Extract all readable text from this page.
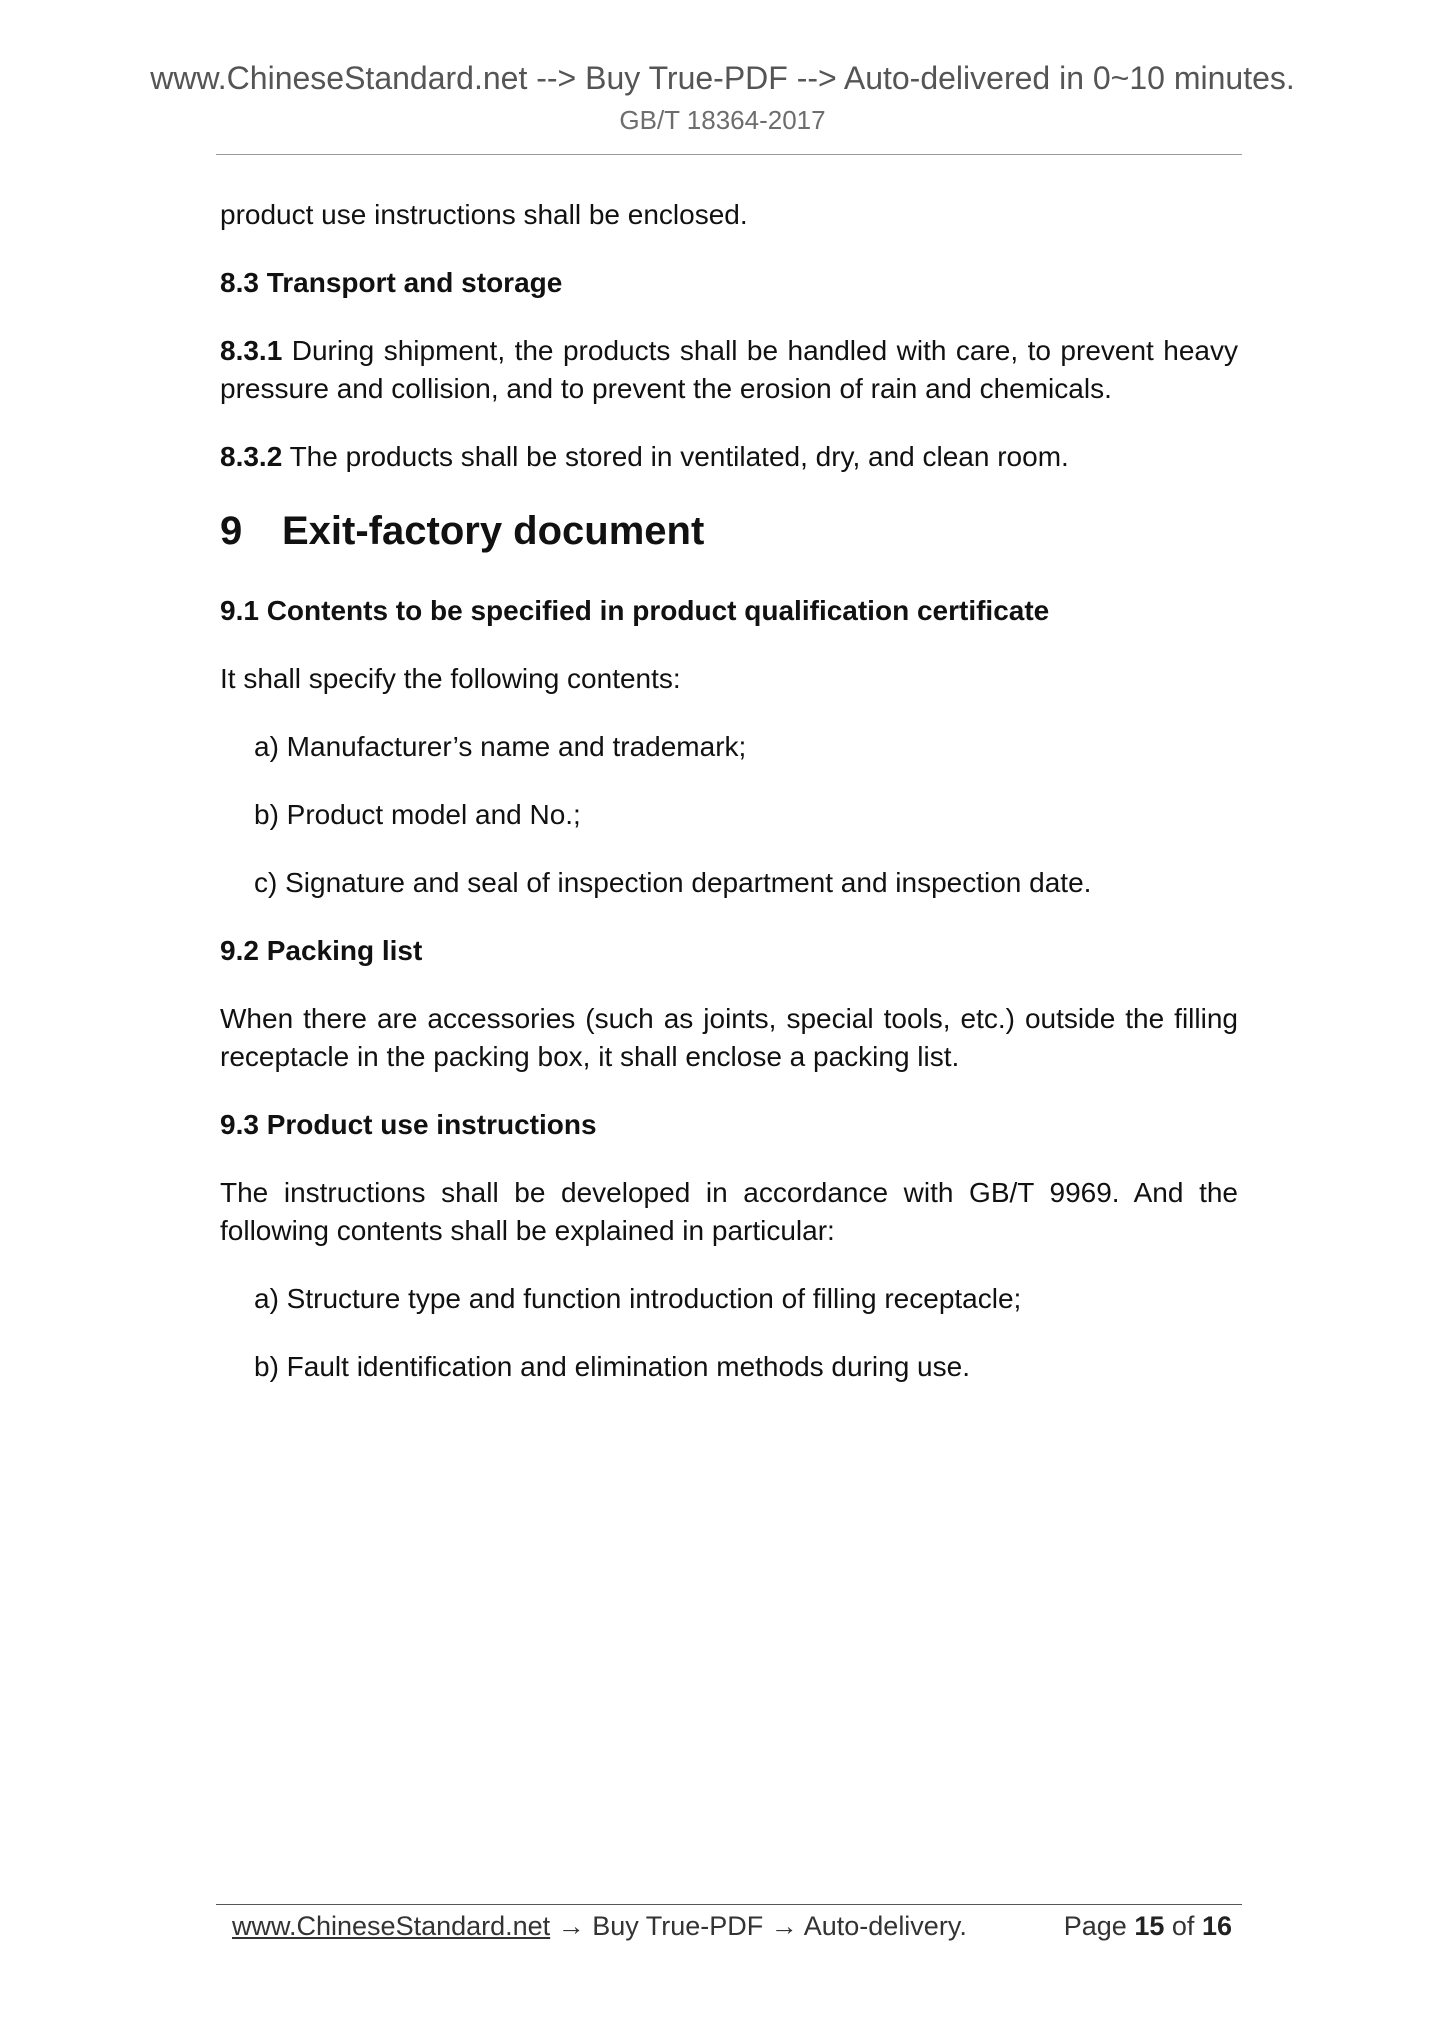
www.ChineseStandard.net --> Buy True-PDF --> Auto-delivered in 0~10 minutes.
GB/T 18364-2017

product use instructions shall be enclosed.

8.3 Transport and storage

8.3.1 During shipment, the products shall be handled with care, to prevent heavy pressure and collision, and to prevent the erosion of rain and chemicals.

8.3.2 The products shall be stored in ventilated, dry, and clean room.

9 Exit-factory document

9.1 Contents to be specified in product qualification certificate

It shall specify the following contents:

a) Manufacturer’s name and trademark;

b) Product model and No.;

c) Signature and seal of inspection department and inspection date.

9.2 Packing list

When there are accessories (such as joints, special tools, etc.) outside the filling receptacle in the packing box, it shall enclose a packing list.

9.3 Product use instructions

The instructions shall be developed in accordance with GB/T 9969. And the following contents shall be explained in particular:

a) Structure type and function introduction of filling receptacle;

b) Fault identification and elimination methods during use.

www.ChineseStandard.net → Buy True-PDF → Auto-delivery.	Page 15 of 16
